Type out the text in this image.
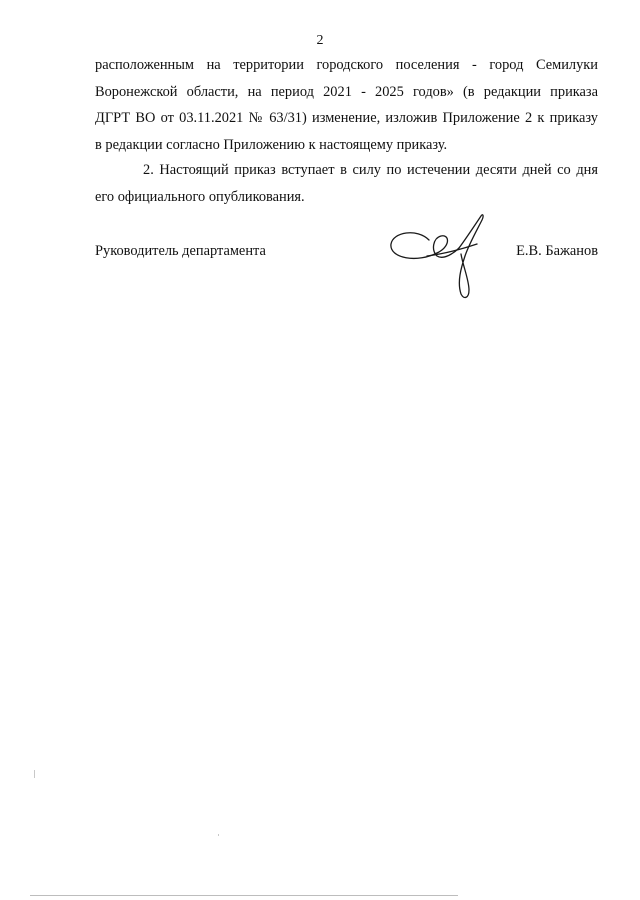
2
расположенным на территории городского поселения - город Семилуки
Воронежской области, на период 2021 - 2025 годов» (в редакции приказа
ДГРТ ВО от 03.11.2021 № 63/31) изменение, изложив Приложение 2 к приказу
в редакции согласно Приложению к настоящему приказу.
2. Настоящий приказ вступает в силу по истечении десяти дней со дня
его официального опубликования.
Руководитель департамента	Е.В. Бажанов
